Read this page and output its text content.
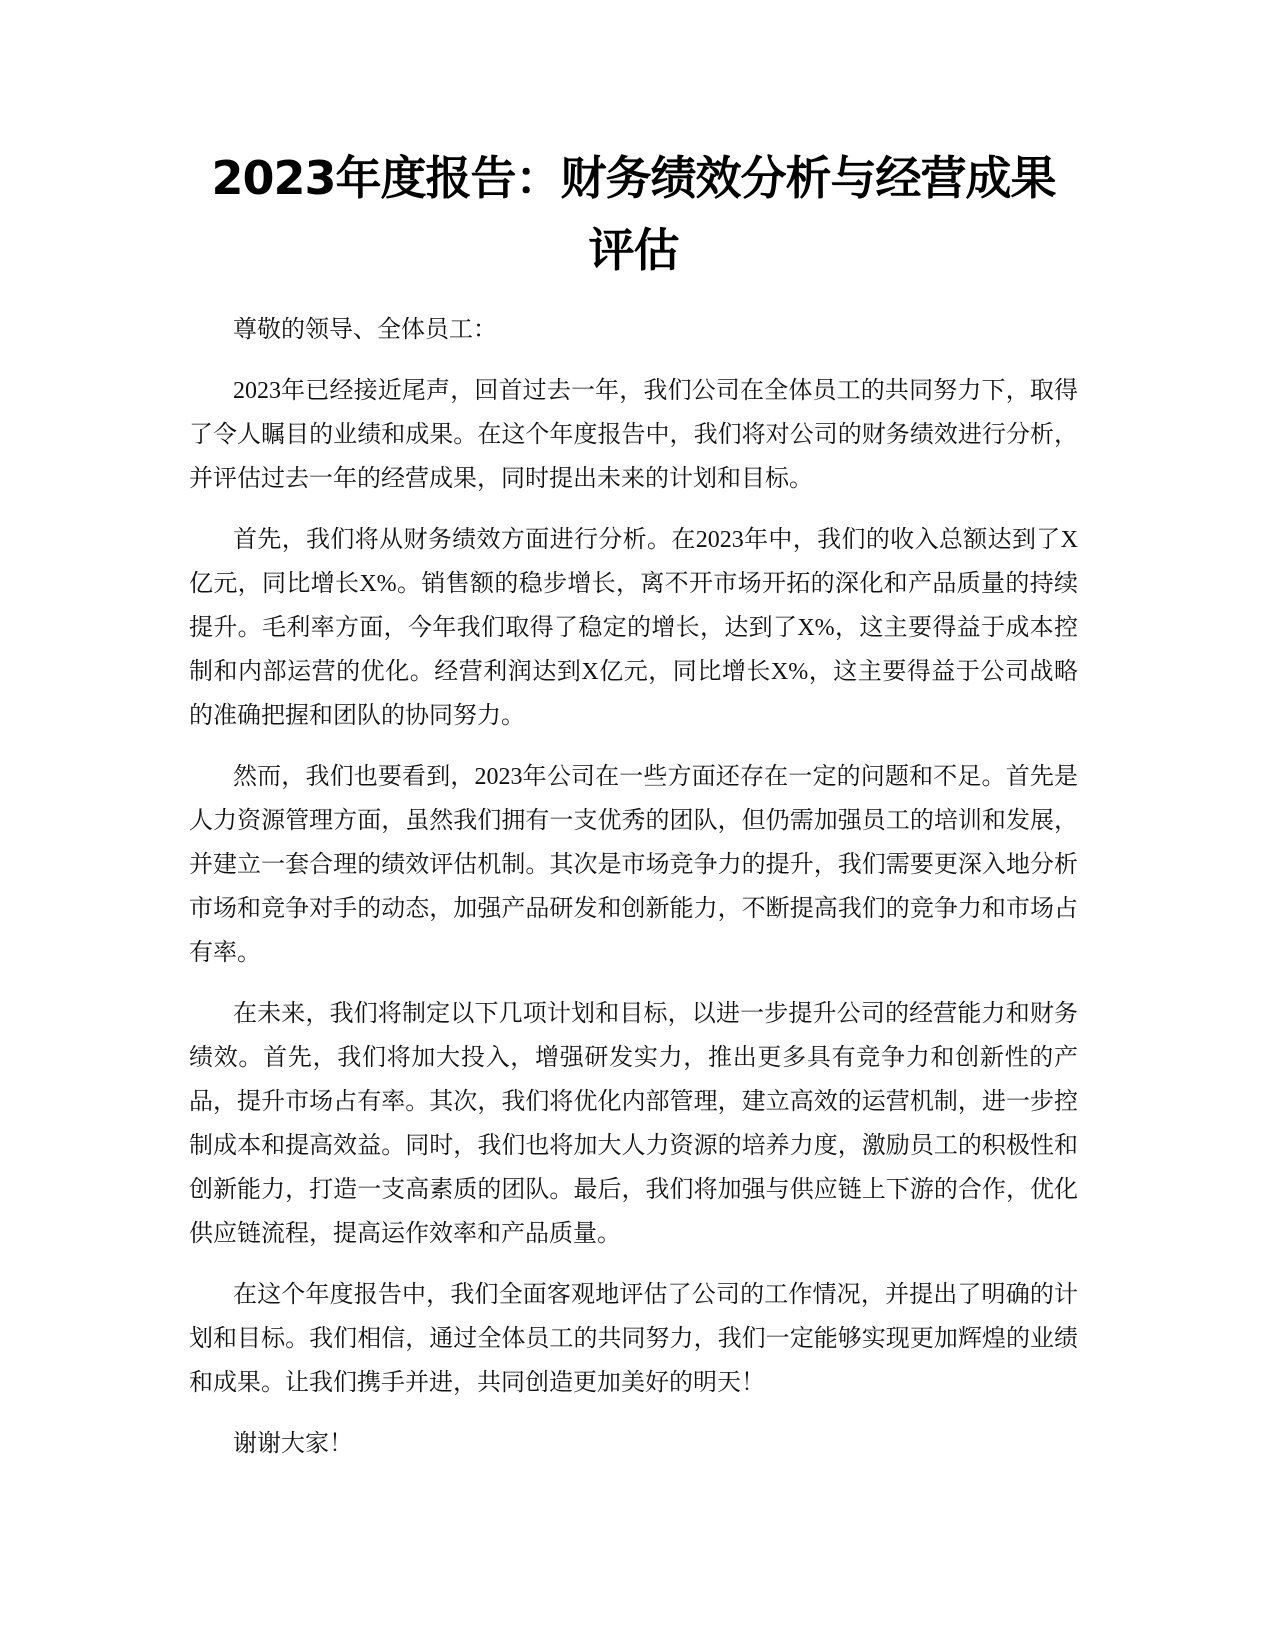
2023年度报告：财务绩效分析与经营成果评估

尊敬的领导、全体员工：

2023年已经接近尾声，回首过去一年，我们公司在全体员工的共同努力下，取得了令人瞩目的业绩和成果。在这个年度报告中，我们将对公司的财务绩效进行分析，并评估过去一年的经营成果，同时提出未来的计划和目标。

首先，我们将从财务绩效方面进行分析。在2023年中，我们的收入总额达到了X亿元，同比增长X%。销售额的稳步增长，离不开市场开拓的深化和产品质量的持续提升。毛利率方面，今年我们取得了稳定的增长，达到了X%，这主要得益于成本控制和内部运营的优化。经营利润达到X亿元，同比增长X%，这主要得益于公司战略的准确把握和团队的协同努力。

然而，我们也要看到，2023年公司在一些方面还存在一定的问题和不足。首先是人力资源管理方面，虽然我们拥有一支优秀的团队，但仍需加强员工的培训和发展，并建立一套合理的绩效评估机制。其次是市场竞争力的提升，我们需要更深入地分析市场和竞争对手的动态，加强产品研发和创新能力，不断提高我们的竞争力和市场占有率。

在未来，我们将制定以下几项计划和目标，以进一步提升公司的经营能力和财务绩效。首先，我们将加大投入，增强研发实力，推出更多具有竞争力和创新性的产品，提升市场占有率。其次，我们将优化内部管理，建立高效的运营机制，进一步控制成本和提高效益。同时，我们也将加大人力资源的培养力度，激励员工的积极性和创新能力，打造一支高素质的团队。最后，我们将加强与供应链上下游的合作，优化供应链流程，提高运作效率和产品质量。

在这个年度报告中，我们全面客观地评估了公司的工作情况，并提出了明确的计划和目标。我们相信，通过全体员工的共同努力，我们一定能够实现更加辉煌的业绩和成果。让我们携手并进，共同创造更加美好的明天！

谢谢大家！
